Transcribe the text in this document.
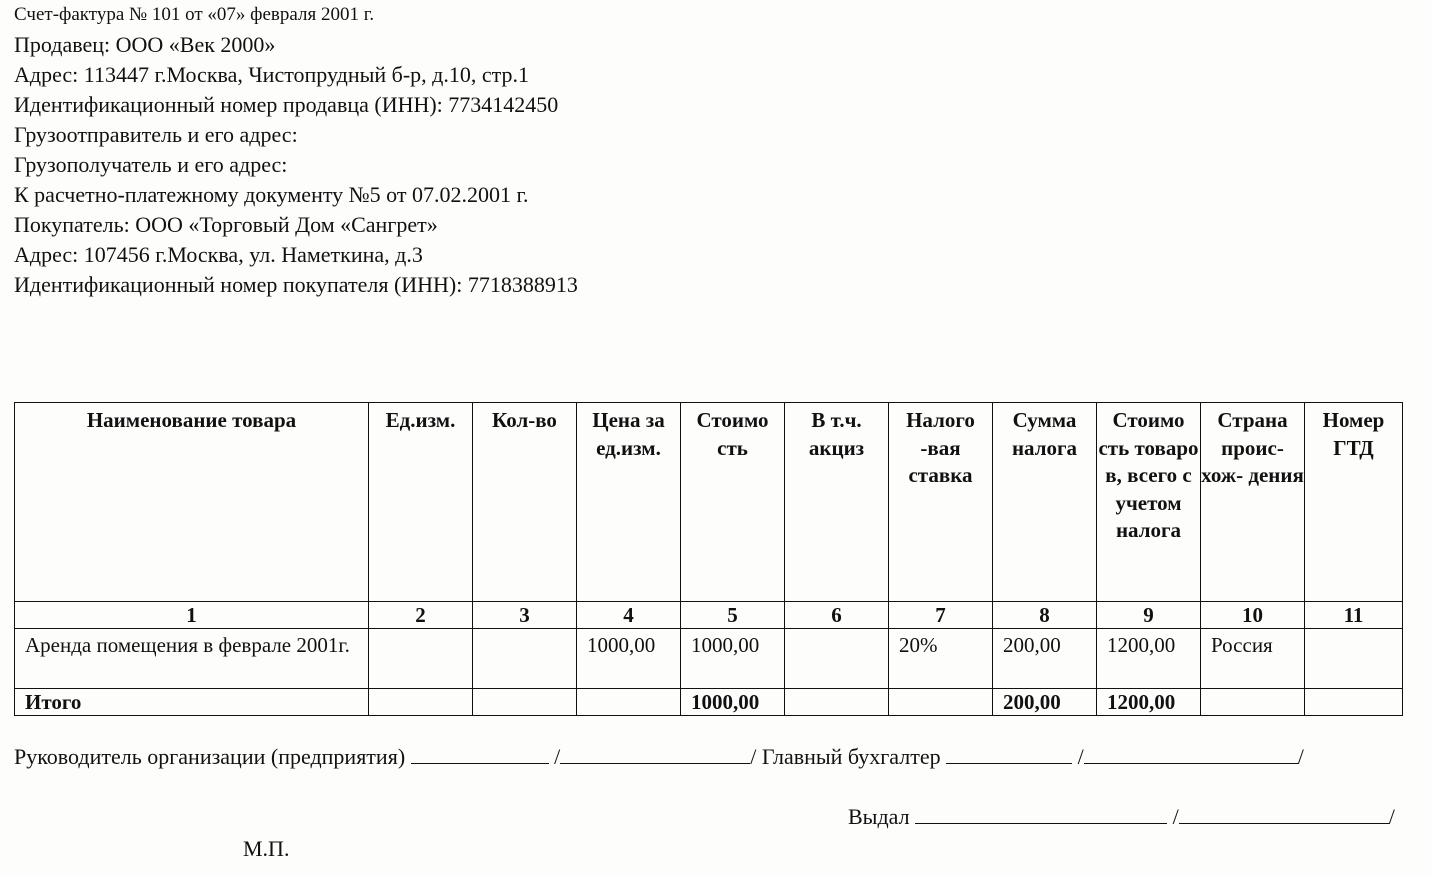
Счет-фактура № 101 от «07» февраля 2001 г.
Продавец: ООО «Век 2000»
Адрес: 113447 г.Москва, Чистопрудный б-р, д.10, стр.1
Идентификационный номер продавца (ИНН): 7734142450
Грузоотправитель и его адрес:
Грузополучатель и его адрес:
К расчетно-платежному документу №5 от 07.02.2001 г.
Покупатель: ООО «Торговый Дом «Сангрет»
Адрес: 107456 г.Москва, ул. Наметкина, д.3
Идентификационный номер покупателя (ИНН): 7718388913
Наименование товара	Ед.изм.	Кол-во	Цена за ед.изм.	Стоимо сть	В т.ч. акциз	Налого -вая ставка	Сумма налога	Стоимо сть товаро в, всего с учетом налога	Страна проис- хож- дения	Номер ГТД
1	2	3	4	5	6	7	8	9	10	11
Аренда помещения в феврале 2001г.			1000,00	1000,00		20%	200,00	1200,00	Россия	
Итого				1000,00			200,00	1200,00		
Руководитель организации (предприятия)	/	/ Главный бухгалтер	/	/
Выдал	/	/
М.П.
